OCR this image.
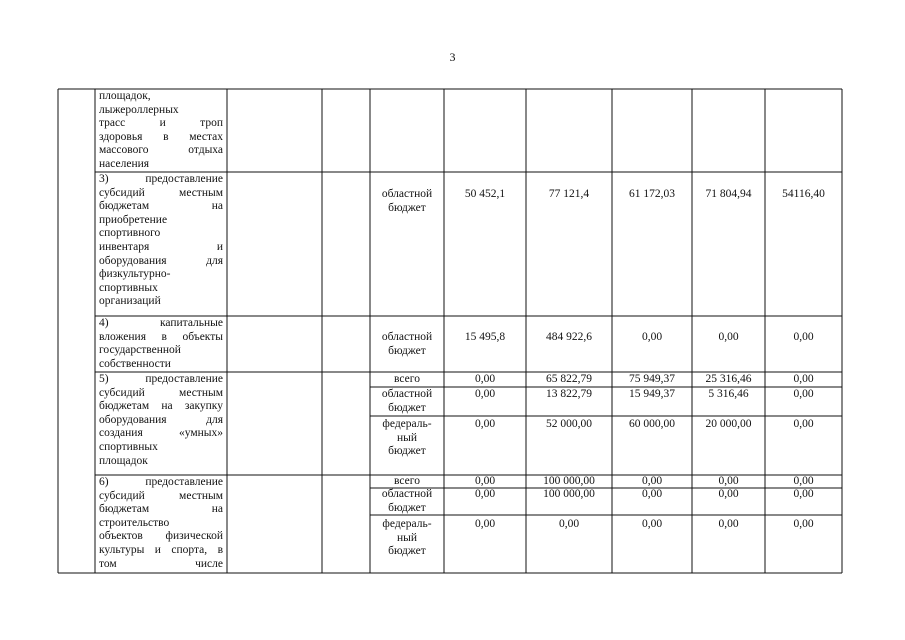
3
площадок,
лыжероллерных
трасс и троп
здоровья в местах
массового отдыха
населения
3) предоставление
субсидий местным
бюджетам на
приобретение
спортивного
инвентаря и
оборудования для
физкультурно-
спортивных
организаций
областной
бюджет
50 452,1	77 121,4	61 172,03	71 804,94	54116,40
4) капитальные
вложения в объекты
государственной
собственности
областной
бюджет
15 495,8	484 922,6	0,00	0,00	0,00
5) предоставление
субсидий местным
бюджетам на закупку
оборудования для
создания «умных»
спортивных
площадок
всего	0,00	65 822,79	75 949,37	25 316,46	0,00
областной
бюджет
0,00	13 822,79	15 949,37	5 316,46	0,00
федераль-
ный
бюджет
0,00	52 000,00	60 000,00	20 000,00	0,00
6) предоставление
субсидий местным
бюджетам на
строительство
объектов физической
культуры и спорта, в
том числе
всего	0,00	100 000,00	0,00	0,00	0,00
областной
бюджет
0,00	100 000,00	0,00	0,00	0,00
федераль-
ный
бюджет
0,00	0,00	0,00	0,00	0,00
